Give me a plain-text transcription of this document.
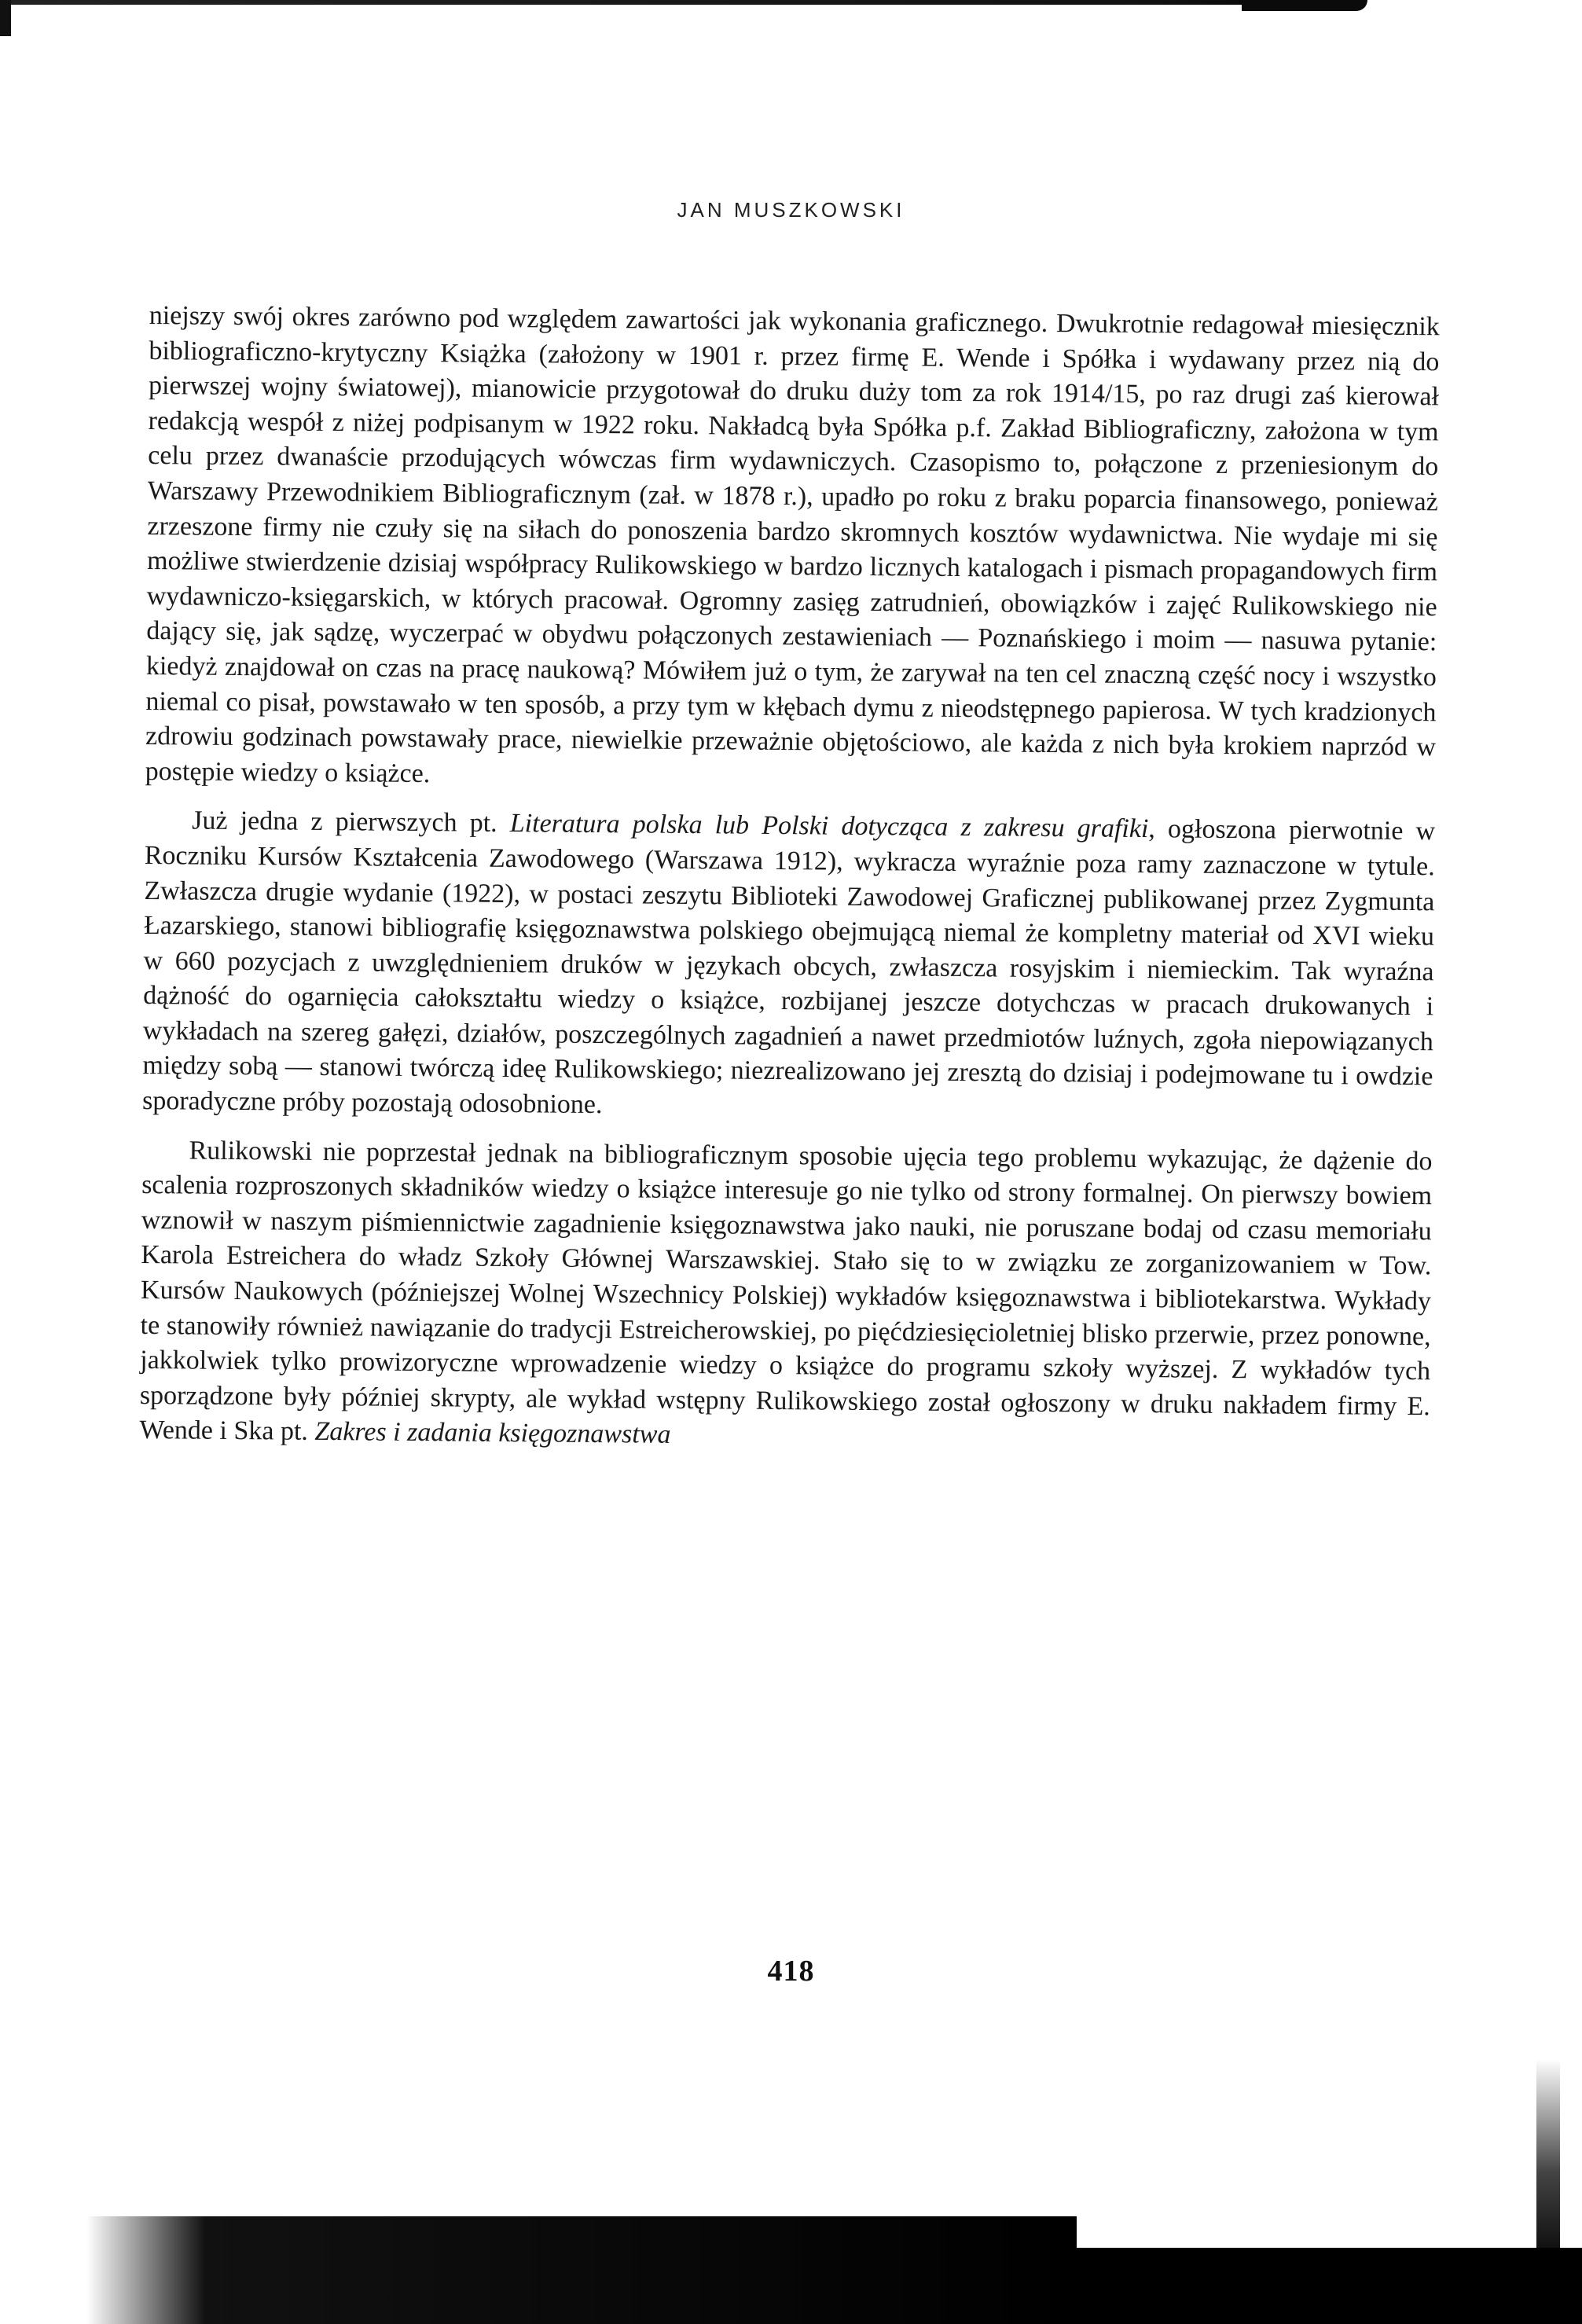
JAN MUSZKOWSKI

niejszy swój okres zarówno pod względem zawartości jak wykonania graficznego. Dwukrotnie redagował miesięcznik bibliograficzno-krytyczny Książka (założony w 1901 r. przez firmę E. Wende i Spółka i wydawany przez nią do pierwszej wojny światowej), mianowicie przygotował do druku duży tom za rok 1914/15, po raz drugi zaś kierował redakcją wespół z niżej podpisanym w 1922 roku. Nakładcą była Spółka p.f. Zakład Bibliograficzny, założona w tym celu przez dwanaście przodujących wówczas firm wydawniczych. Czasopismo to, połączone z przeniesionym do Warszawy Przewodnikiem Bibliograficznym (zał. w 1878 r.), upadło po roku z braku poparcia finansowego, ponieważ zrzeszone firmy nie czuły się na siłach do ponoszenia bardzo skromnych kosztów wydawnictwa. Nie wydaje mi się możliwe stwierdzenie dzisiaj współpracy Rulikowskiego w bardzo licznych katalogach i pismach propagandowych firm wydawniczo-księgarskich, w których pracował. Ogromny zasięg zatrudnień, obowiązków i zajęć Rulikowskiego nie dający się, jak sądzę, wyczerpać w obydwu połączonych zestawieniach — Poznańskiego i moim — nasuwa pytanie: kiedyż znajdował on czas na pracę naukową? Mówiłem już o tym, że zarywał na ten cel znaczną część nocy i wszystko niemal co pisał, powstawało w ten sposób, a przy tym w kłębach dymu z nieodstępnego papierosa. W tych kradzionych zdrowiu godzinach powstawały prace, niewielkie przeważnie objętościowo, ale każda z nich była krokiem naprzód w postępie wiedzy o książce.

Już jedna z pierwszych pt. Literatura polska lub Polski dotycząca z zakresu grafiki, ogłoszona pierwotnie w Roczniku Kursów Kształcenia Zawodowego (Warszawa 1912), wykracza wyraźnie poza ramy zaznaczone w tytule. Zwłaszcza drugie wydanie (1922), w postaci zeszytu Biblioteki Zawodowej Graficznej publikowanej przez Zygmunta Łazarskiego, stanowi bibliografię księgoznawstwa polskiego obejmującą niemal że kompletny materiał od XVI wieku w 660 pozycjach z uwzględnieniem druków w językach obcych, zwłaszcza rosyjskim i niemieckim. Tak wyraźna dążność do ogarnięcia całokształtu wiedzy o książce, rozbijanej jeszcze dotychczas w pracach drukowanych i wykładach na szereg gałęzi, działów, poszczególnych zagadnień a nawet przedmiotów luźnych, zgoła niepowiązanych między sobą — stanowi twórczą ideę Rulikowskiego; niezrealizowano jej zresztą do dzisiaj i podejmowane tu i owdzie sporadyczne próby pozostają odosobnione.

Rulikowski nie poprzestał jednak na bibliograficznym sposobie ujęcia tego problemu wykazując, że dążenie do scalenia rozproszonych składników wiedzy o książce interesuje go nie tylko od strony formalnej. On pierwszy bowiem wznowił w naszym piśmiennictwie zagadnienie księgoznawstwa jako nauki, nie poruszane bodaj od czasu memoriału Karola Estreichera do władz Szkoły Głównej Warszawskiej. Stało się to w związku ze zorganizowaniem w Tow. Kursów Naukowych (późniejszej Wolnej Wszechnicy Polskiej) wykładów księgoznawstwa i bibliotekarstwa. Wykłady te stanowiły również nawiązanie do tradycji Estreicherowskiej, po pięćdziesięcioletniej blisko przerwie, przez ponowne, jakkolwiek tylko prowizoryczne wprowadzenie wiedzy o książce do programu szkoły wyższej. Z wykładów tych sporządzone były później skrypty, ale wykład wstępny Rulikowskiego został ogłoszony w druku nakładem firmy E. Wende i Ska pt. Zakres i zadania księgoznawstwa

418
